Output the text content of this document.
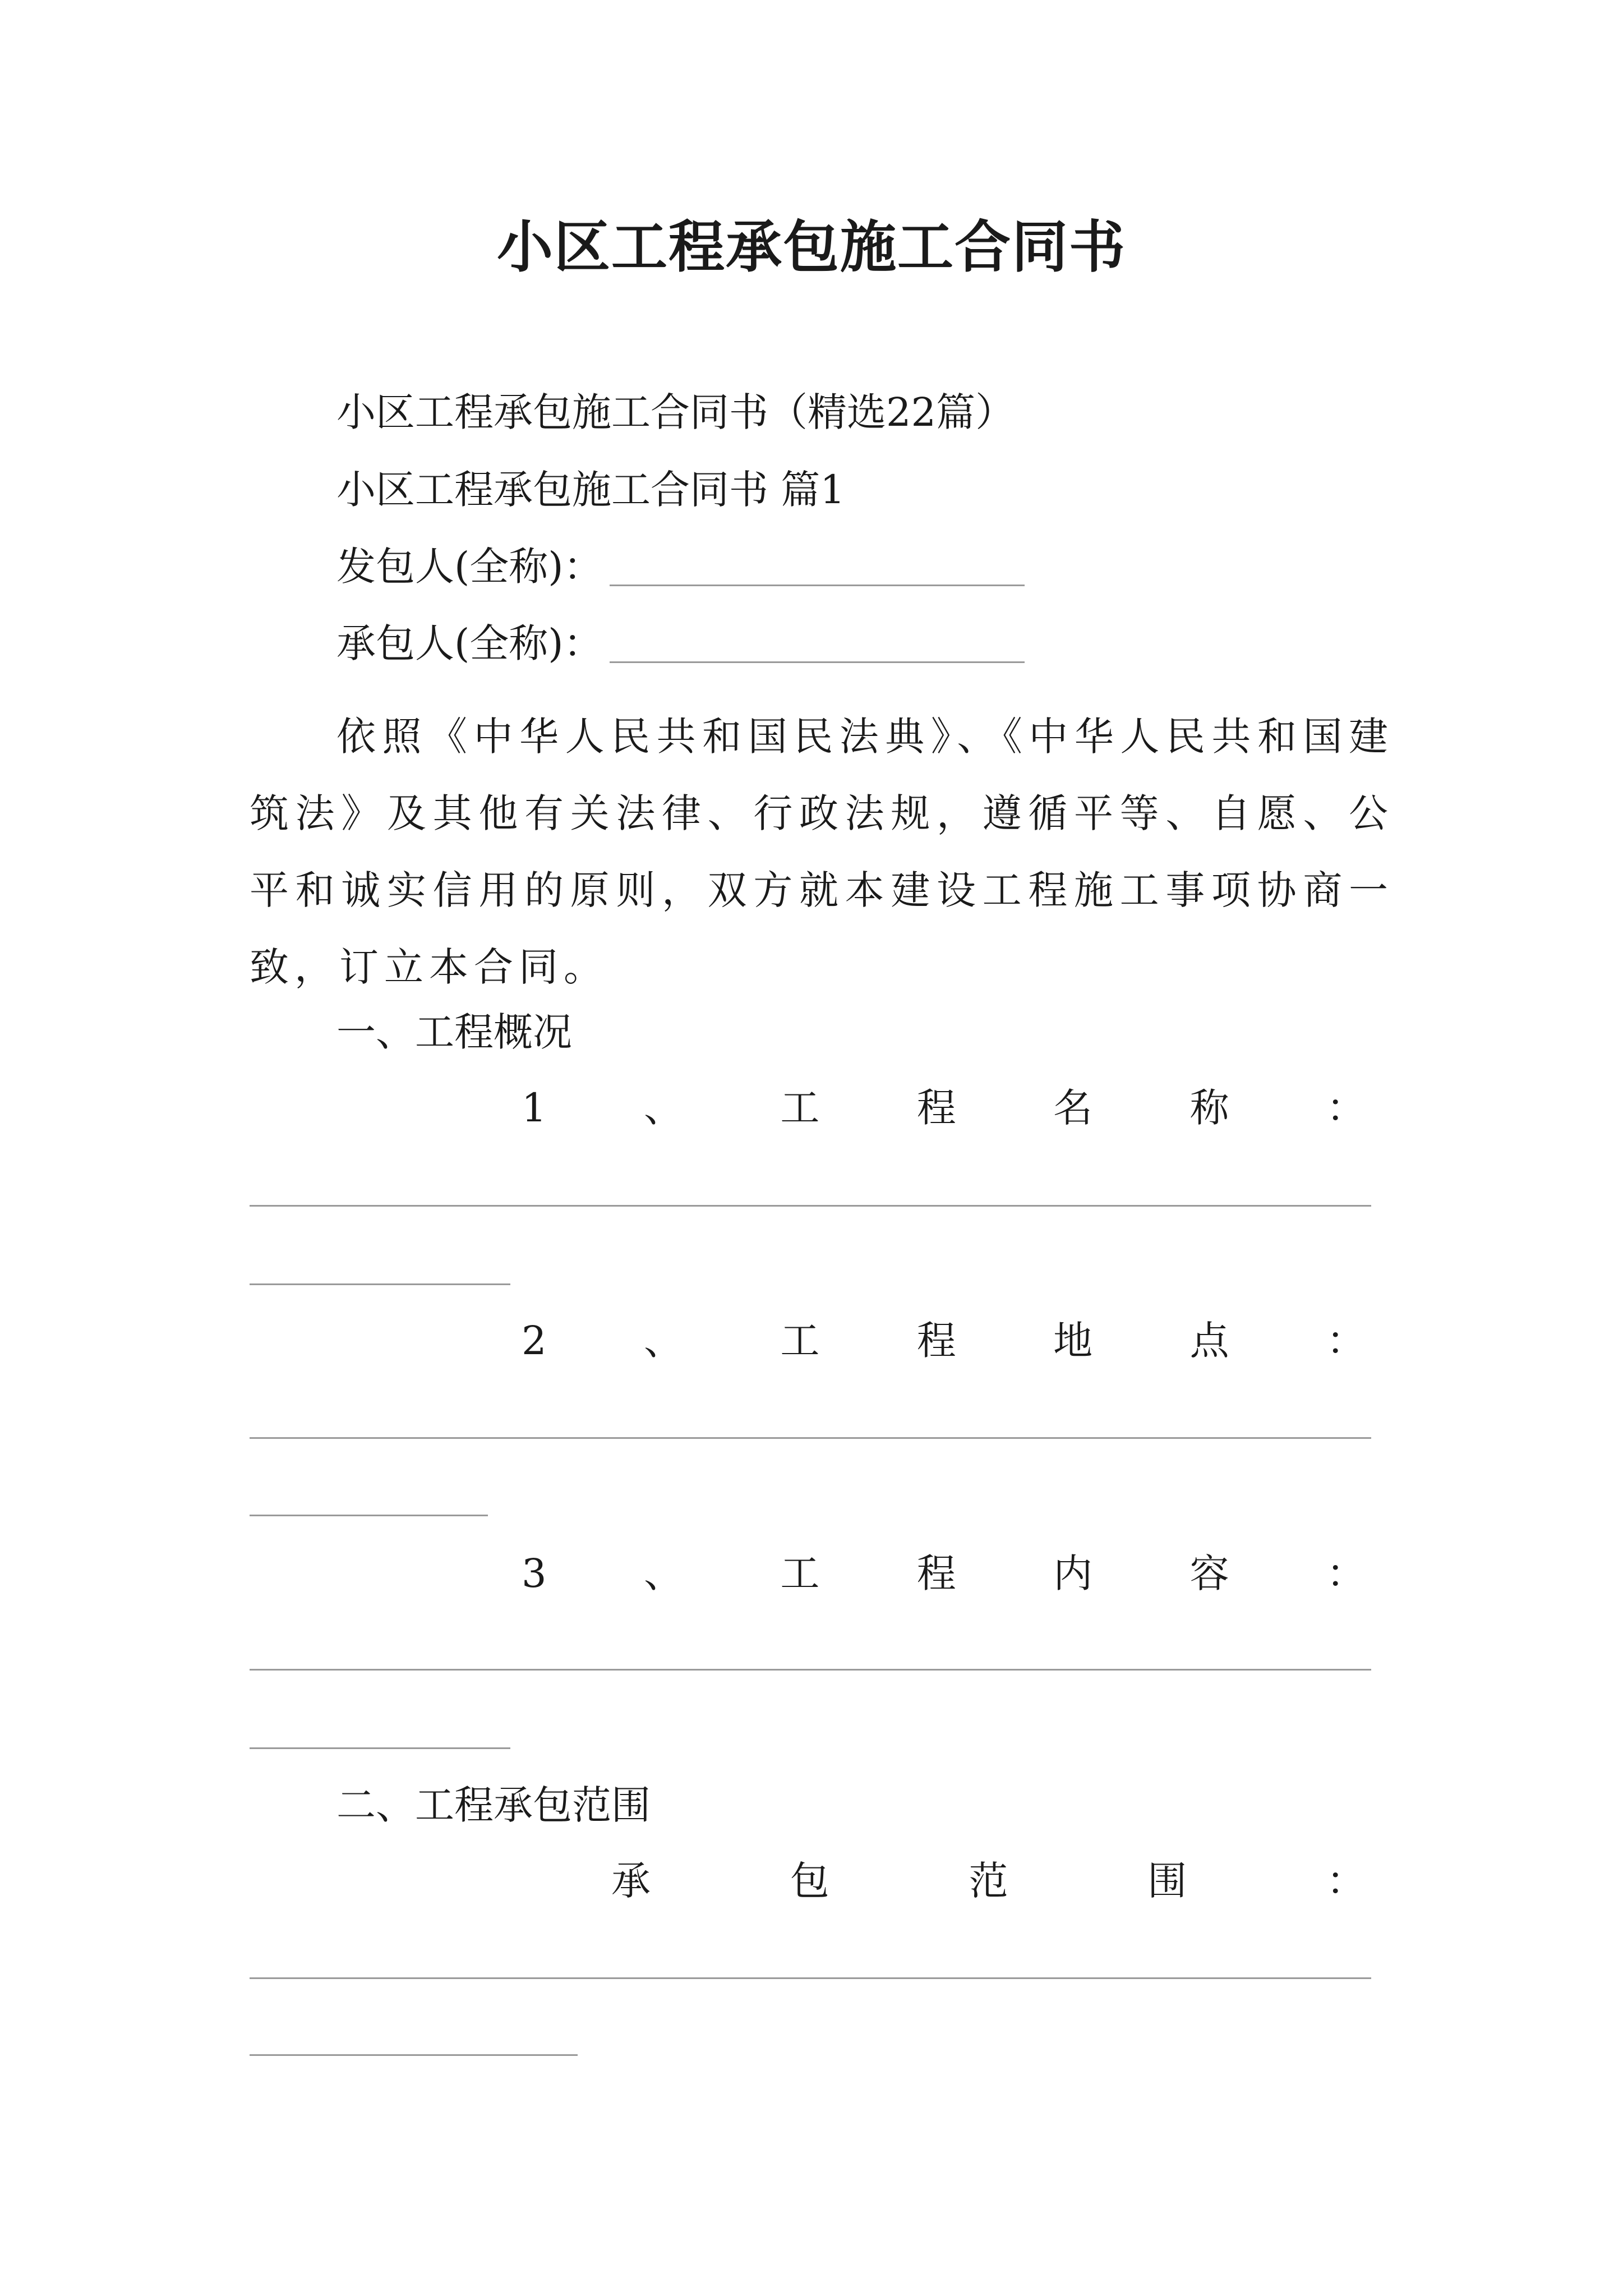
小区工程承包施工合同书
小区工程承包施工合同书（精选22篇）
小区工程承包施工合同书 篇1
发包人(全称)：
承包人(全称)：

依照《中华人民共和国民法典》、《中华人民共和国建筑法》及其他有关法律、行政法规，遵循平等、自愿、公平和诚实信用的原则，双方就本建设工程施工事项协商一致，订立本合同。

一、工程概况
1 、 工 程 名 称 ：
2 、 工 程 地 点 ：
3 、 工 程 内 容 ：
二、工程承包范围
承	包	范	围	：
